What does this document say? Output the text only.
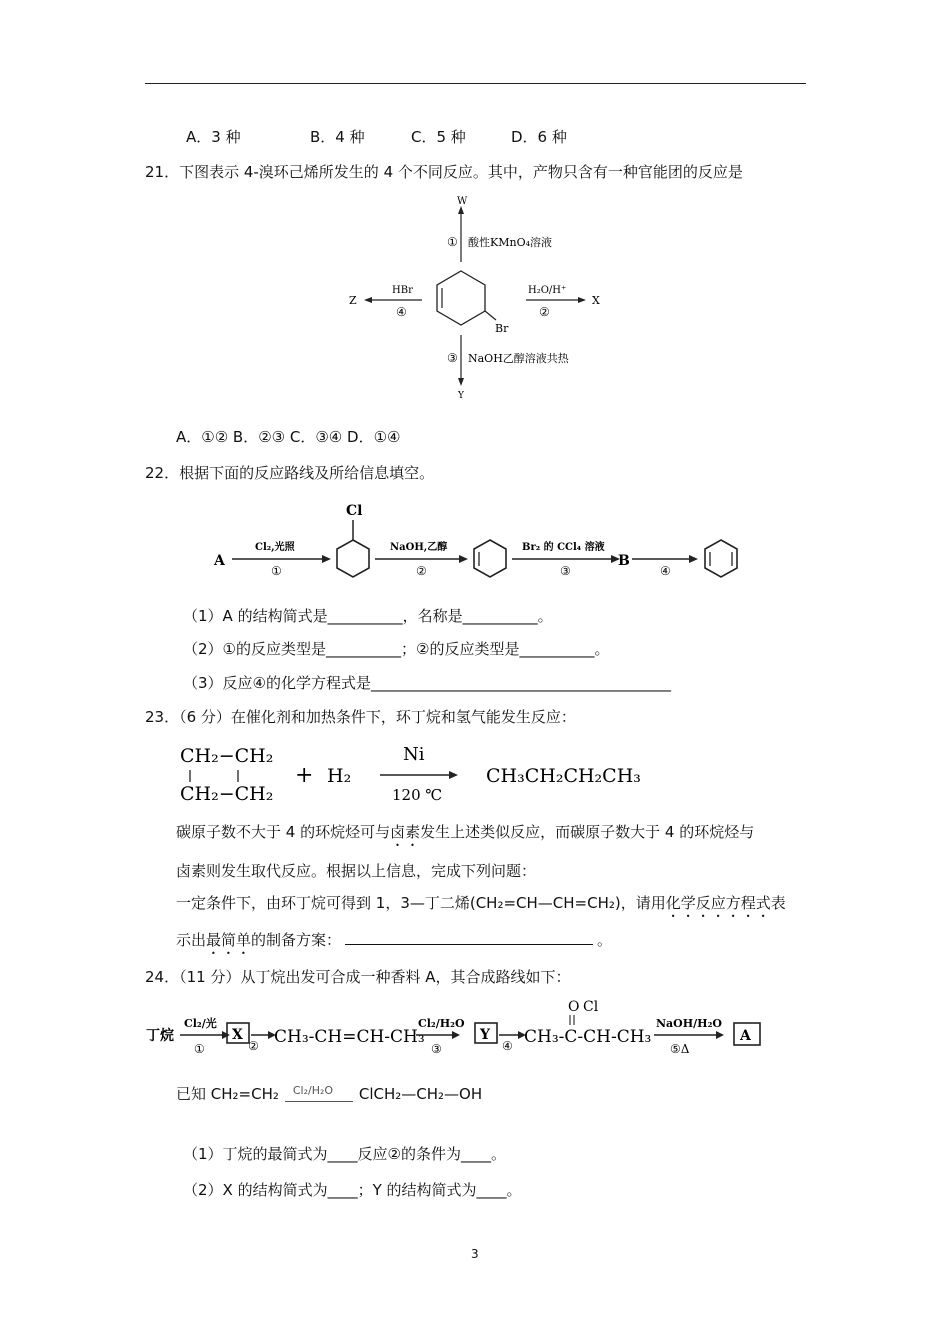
A．3 种	B．4 种	C．5 种	D．6 种
21．下图表示 4-溴环己烯所发生的 4 个不同反应。其中，产物只含有一种官能团的反应是
W
① 酸性KMnO₄溶液
Br
H₂O/H⁺
②
X
HBr
④
Z
③ NaOH乙醇溶液共热
Y
A．①② B．②③ C．③④ D．①④
22．根据下面的反应路线及所给信息填空。
A
Cl₂,光照
①
Cl
NaOH,乙醇
②
Br₂ 的 CCl₄ 溶液
③
B
④
（1）A 的结构简式是__________，名称是__________。
（2）①的反应类型是__________；②的反应类型是__________。
（3）反应④的化学方程式是________________________________________
23．（6 分）在催化剂和加热条件下，环丁烷和氢气能发生反应：
CH₂−CH₂
CH₂−CH₂
+ H₂
Ni
120 ℃
CH₃CH₂CH₂CH₃
碳原子数不大于 4 的环烷烃可与卤素发生上述类似反应，而碳原子数大于 4 的环烷烃与
卤素则发生取代反应。根据以上信息，完成下列问题：
一定条件下，由环丁烷可得到 1，3—丁二烯(CH₂=CH—CH=CH₂)，请用化学反应方程式表
示出最简单的制备方案：	。
24．（11 分）从丁烷出发可合成一种香料 A，其合成路线如下：
丁烷
Cl₂/光
①
X
② CH₃-CH=CH-CH₃
Cl₂/H₂O
③
Y
④ CH₃-C-CH-CH₃
O Cl
NaOH/H₂O
⑤Δ
A
已知 CH₂=CH₂ Cl₂/H₂O ClCH₂—CH₂—OH
（1）丁烷的最简式为____反应②的条件为____。
（2）X 的结构简式为____；Y 的结构简式为____。
3
